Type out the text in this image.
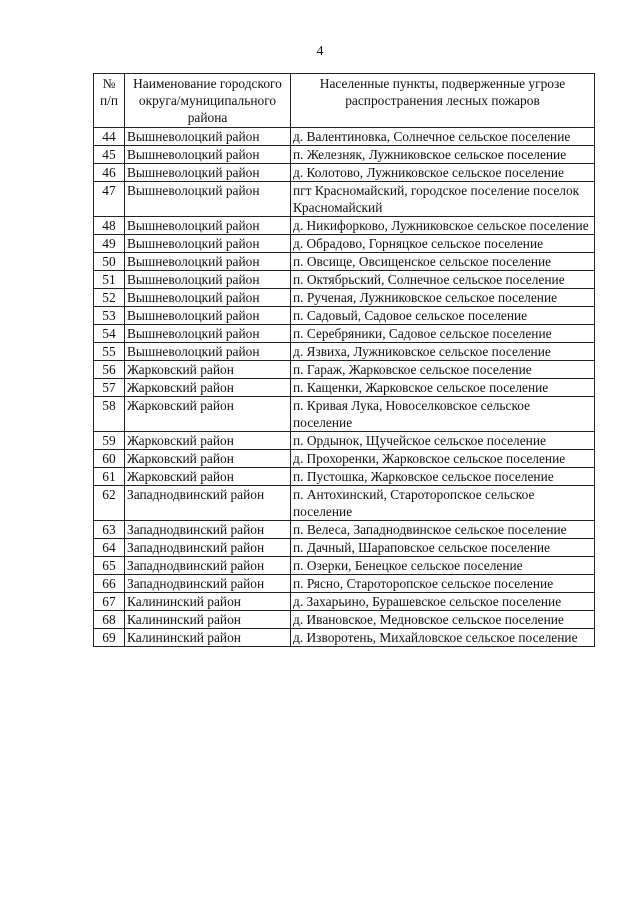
4
№ п/п	Наименование городского округа/муниципального района	Населенные пункты, подверженные угрозе распространения лесных пожаров
44	Вышневолоцкий район	д. Валентиновка, Солнечное сельское поселение
45	Вышневолоцкий район	п. Железняк, Лужниковское сельское поселение
46	Вышневолоцкий район	д. Колотово, Лужниковское сельское поселение
47	Вышневолоцкий район	пгт Красномайский, городское поселение поселок Красномайский
48	Вышневолоцкий район	д. Никифорково, Лужниковское сельское поселение
49	Вышневолоцкий район	д. Обрадово, Горняцкое сельское поселение
50	Вышневолоцкий район	п. Овсище, Овсищенское сельское поселение
51	Вышневолоцкий район	п. Октябрьский, Солнечное сельское поселение
52	Вышневолоцкий район	п. Рученая, Лужниковское сельское поселение
53	Вышневолоцкий район	п. Садовый, Садовое сельское поселение
54	Вышневолоцкий район	п. Серебряники, Садовое сельское поселение
55	Вышневолоцкий район	д. Язвиха, Лужниковское сельское поселение
56	Жарковский район	п. Гараж, Жарковское сельское поселение
57	Жарковский район	п. Кащенки, Жарковское сельское поселение
58	Жарковский район	п. Кривая Лука, Новоселковское сельское поселение
59	Жарковский район	п. Ордынок, Щучейское сельское поселение
60	Жарковский район	д. Прохоренки, Жарковское сельское поселение
61	Жарковский район	п. Пустошка, Жарковское сельское поселение
62	Западнодвинский район	п. Антохинский, Староторопское сельское поселение
63	Западнодвинский район	п. Велеса, Западнодвинское сельское поселение
64	Западнодвинский район	п. Дачный, Шараповское сельское поселение
65	Западнодвинский район	п. Озерки, Бенецкое сельское поселение
66	Западнодвинский район	п. Рясно, Староторопское сельское поселение
67	Калининский район	д. Захарьино, Бурашевское сельское поселение
68	Калининский район	д. Ивановское, Медновское сельское поселение
69	Калининский район	д. Изворотень, Михайловское сельское поселение
